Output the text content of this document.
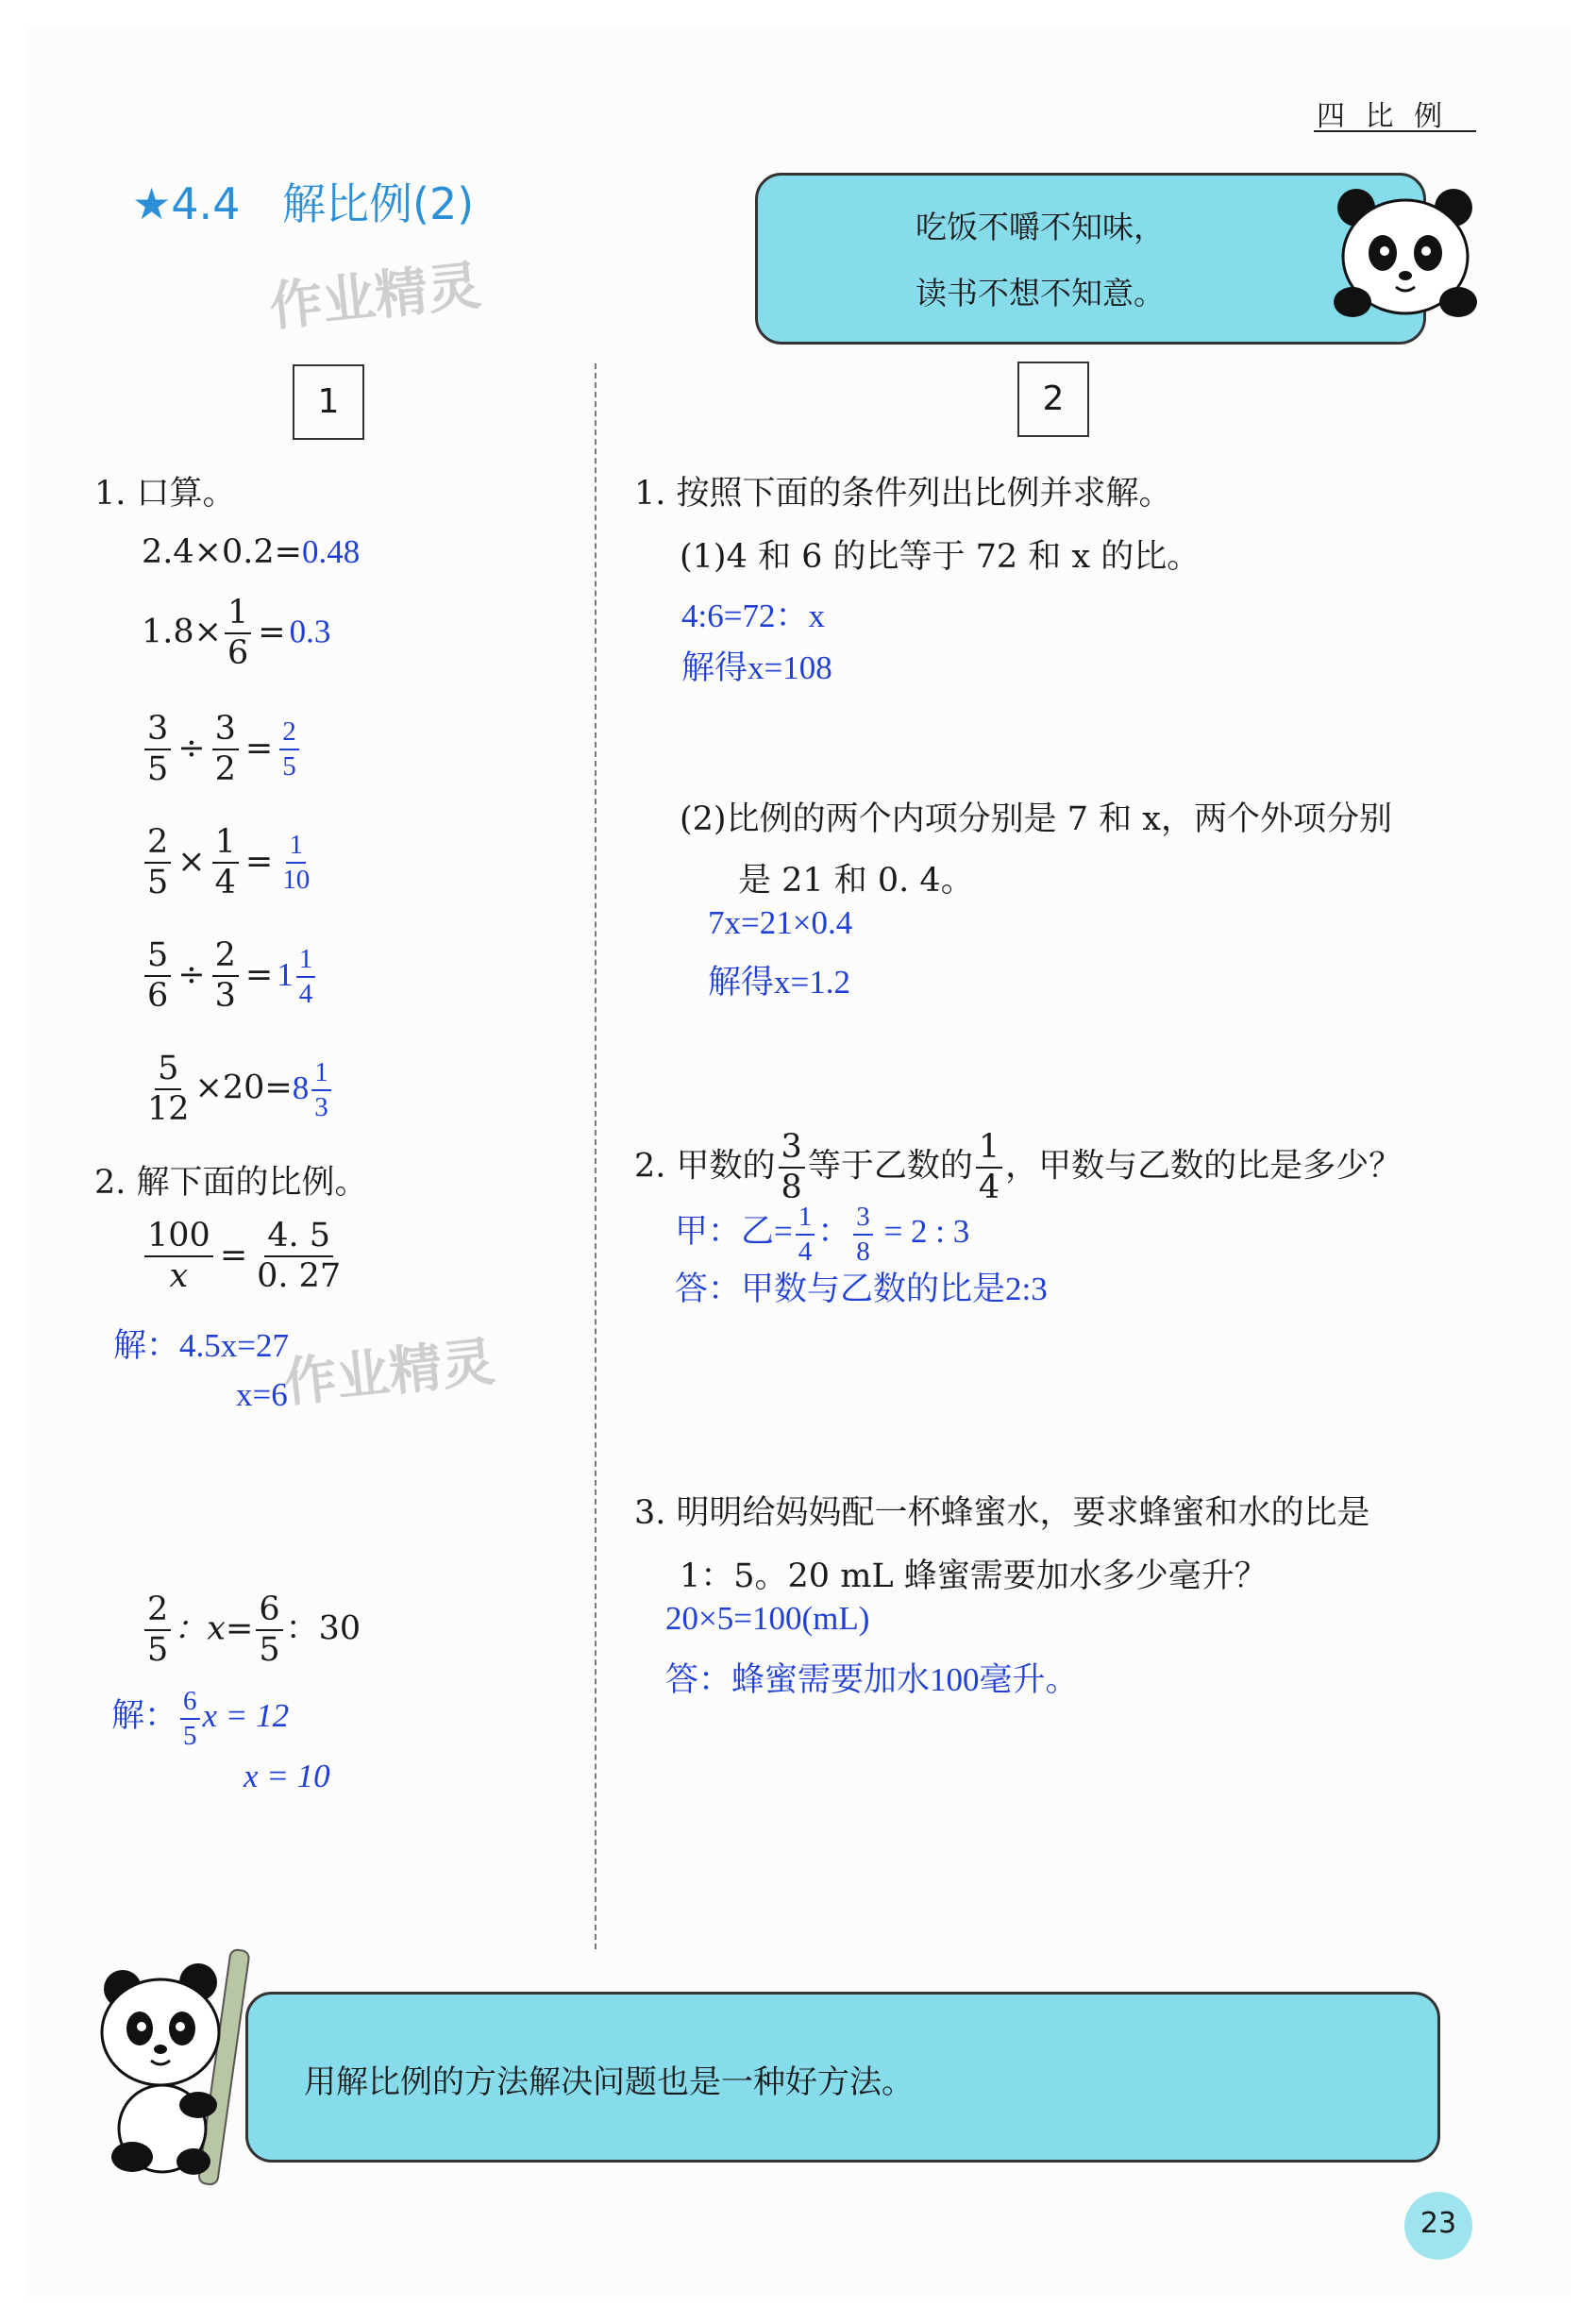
四 比 例
★4.4 解比例(2)
作业精灵
吃饭不嚼不知味，
读书不想不知意。
1	2
1. 口算。
2.4×0.2=0.48
$1.8\times \frac{1}{6} = 0.3$
$\frac{3}{5} \div \frac{3}{2} = \frac{2}{5}$
$\frac{2}{5} \times \frac{1}{4} = \frac{1}{10}$
$\frac{5}{6} \div \frac{2}{3} = 1 \frac{1}{4}$
$\frac{5}{12} \times 20=8 \frac{1}{3}$
2. 解下面的比例。
$\frac{100}{x} = \frac{4. 5}{0. 27}$
解：4.5x=27
x=6
作业精灵
$\frac{2}{5}$ ：$x= \frac{6}{5}$ ：30
解： $\frac{6}{5}$ x = 12
x = 10
1. 按照下面的条件列出比例并求解。
(1)4 和 6 的比等于 72 和 x 的比。
4:6=72：x
解得x=108
(2)比例的两个内项分别是 7 和 x，两个外项分别
是 21 和 0. 4。
7x=21×0.4
解得x=1.2
2. 甲数的 $\frac{3}{8}$ 等于乙数的 $\frac{1}{4}$ ，甲数与乙数的比是多少？
甲：乙= $\frac{1}{4}$ ： $\frac{3}{8} = 2$ : 3
答：甲数与乙数的比是2:3
3. 明明给妈妈配一杯蜂蜜水，要求蜂蜜和水的比是
1：5。20 mL 蜂蜜需要加水多少毫升？
20×5=100(mL)
答：蜂蜜需要加水100毫升。
用解比例的方法解决问题也是一种好方法。
23
